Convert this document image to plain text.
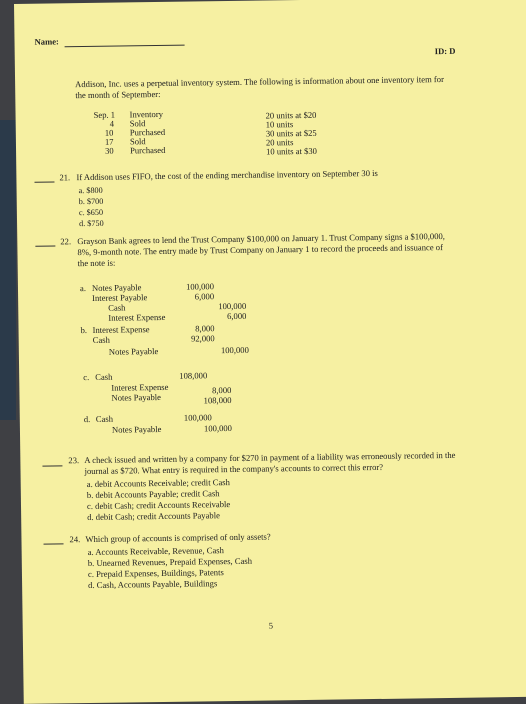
Name:
ID: D
Addison, Inc. uses a perpetual inventory system. The following is information about one inventory item for
the month of September:
Sep. 1 Inventory	20 units at $20
4 Sold	10 units
10 Purchased	30 units at $25
17 Sold	20 units
30 Purchased	10 units at $30
21. If Addison uses FIFO, the cost of the ending merchandise inventory on September 30 is
a. $800
b. $700
c. $650
d. $750
22. Grayson Bank agrees to lend the Trust Company $100,000 on January 1. Trust Company signs a $100,000,
8%, 9-month note. The entry made by Trust Company on January 1 to record the proceeds and issuance of
the note is:
a. Notes Payable	100,000
Interest Payable	6,000
Cash	100,000
Interest Expense	6,000
b. Interest Expense	8,000
Cash	92,000
Notes Payable	100,000
c. Cash	108,000
Interest Expense	8,000
Notes Payable	108,000
d. Cash	100,000
Notes Payable	100,000
23. A check issued and written by a company for $270 in payment of a liability was erroneously recorded in the
journal as $720. What entry is required in the company's accounts to correct this error?
a. debit Accounts Receivable; credit Cash
b. debit Accounts Payable; credit Cash
c. debit Cash; credit Accounts Receivable
d. debit Cash; credit Accounts Payable
24. Which group of accounts is comprised of only assets?
a. Accounts Receivable, Revenue, Cash
b. Unearned Revenues, Prepaid Expenses, Cash
c. Prepaid Expenses, Buildings, Patents
d. Cash, Accounts Payable, Buildings
5
